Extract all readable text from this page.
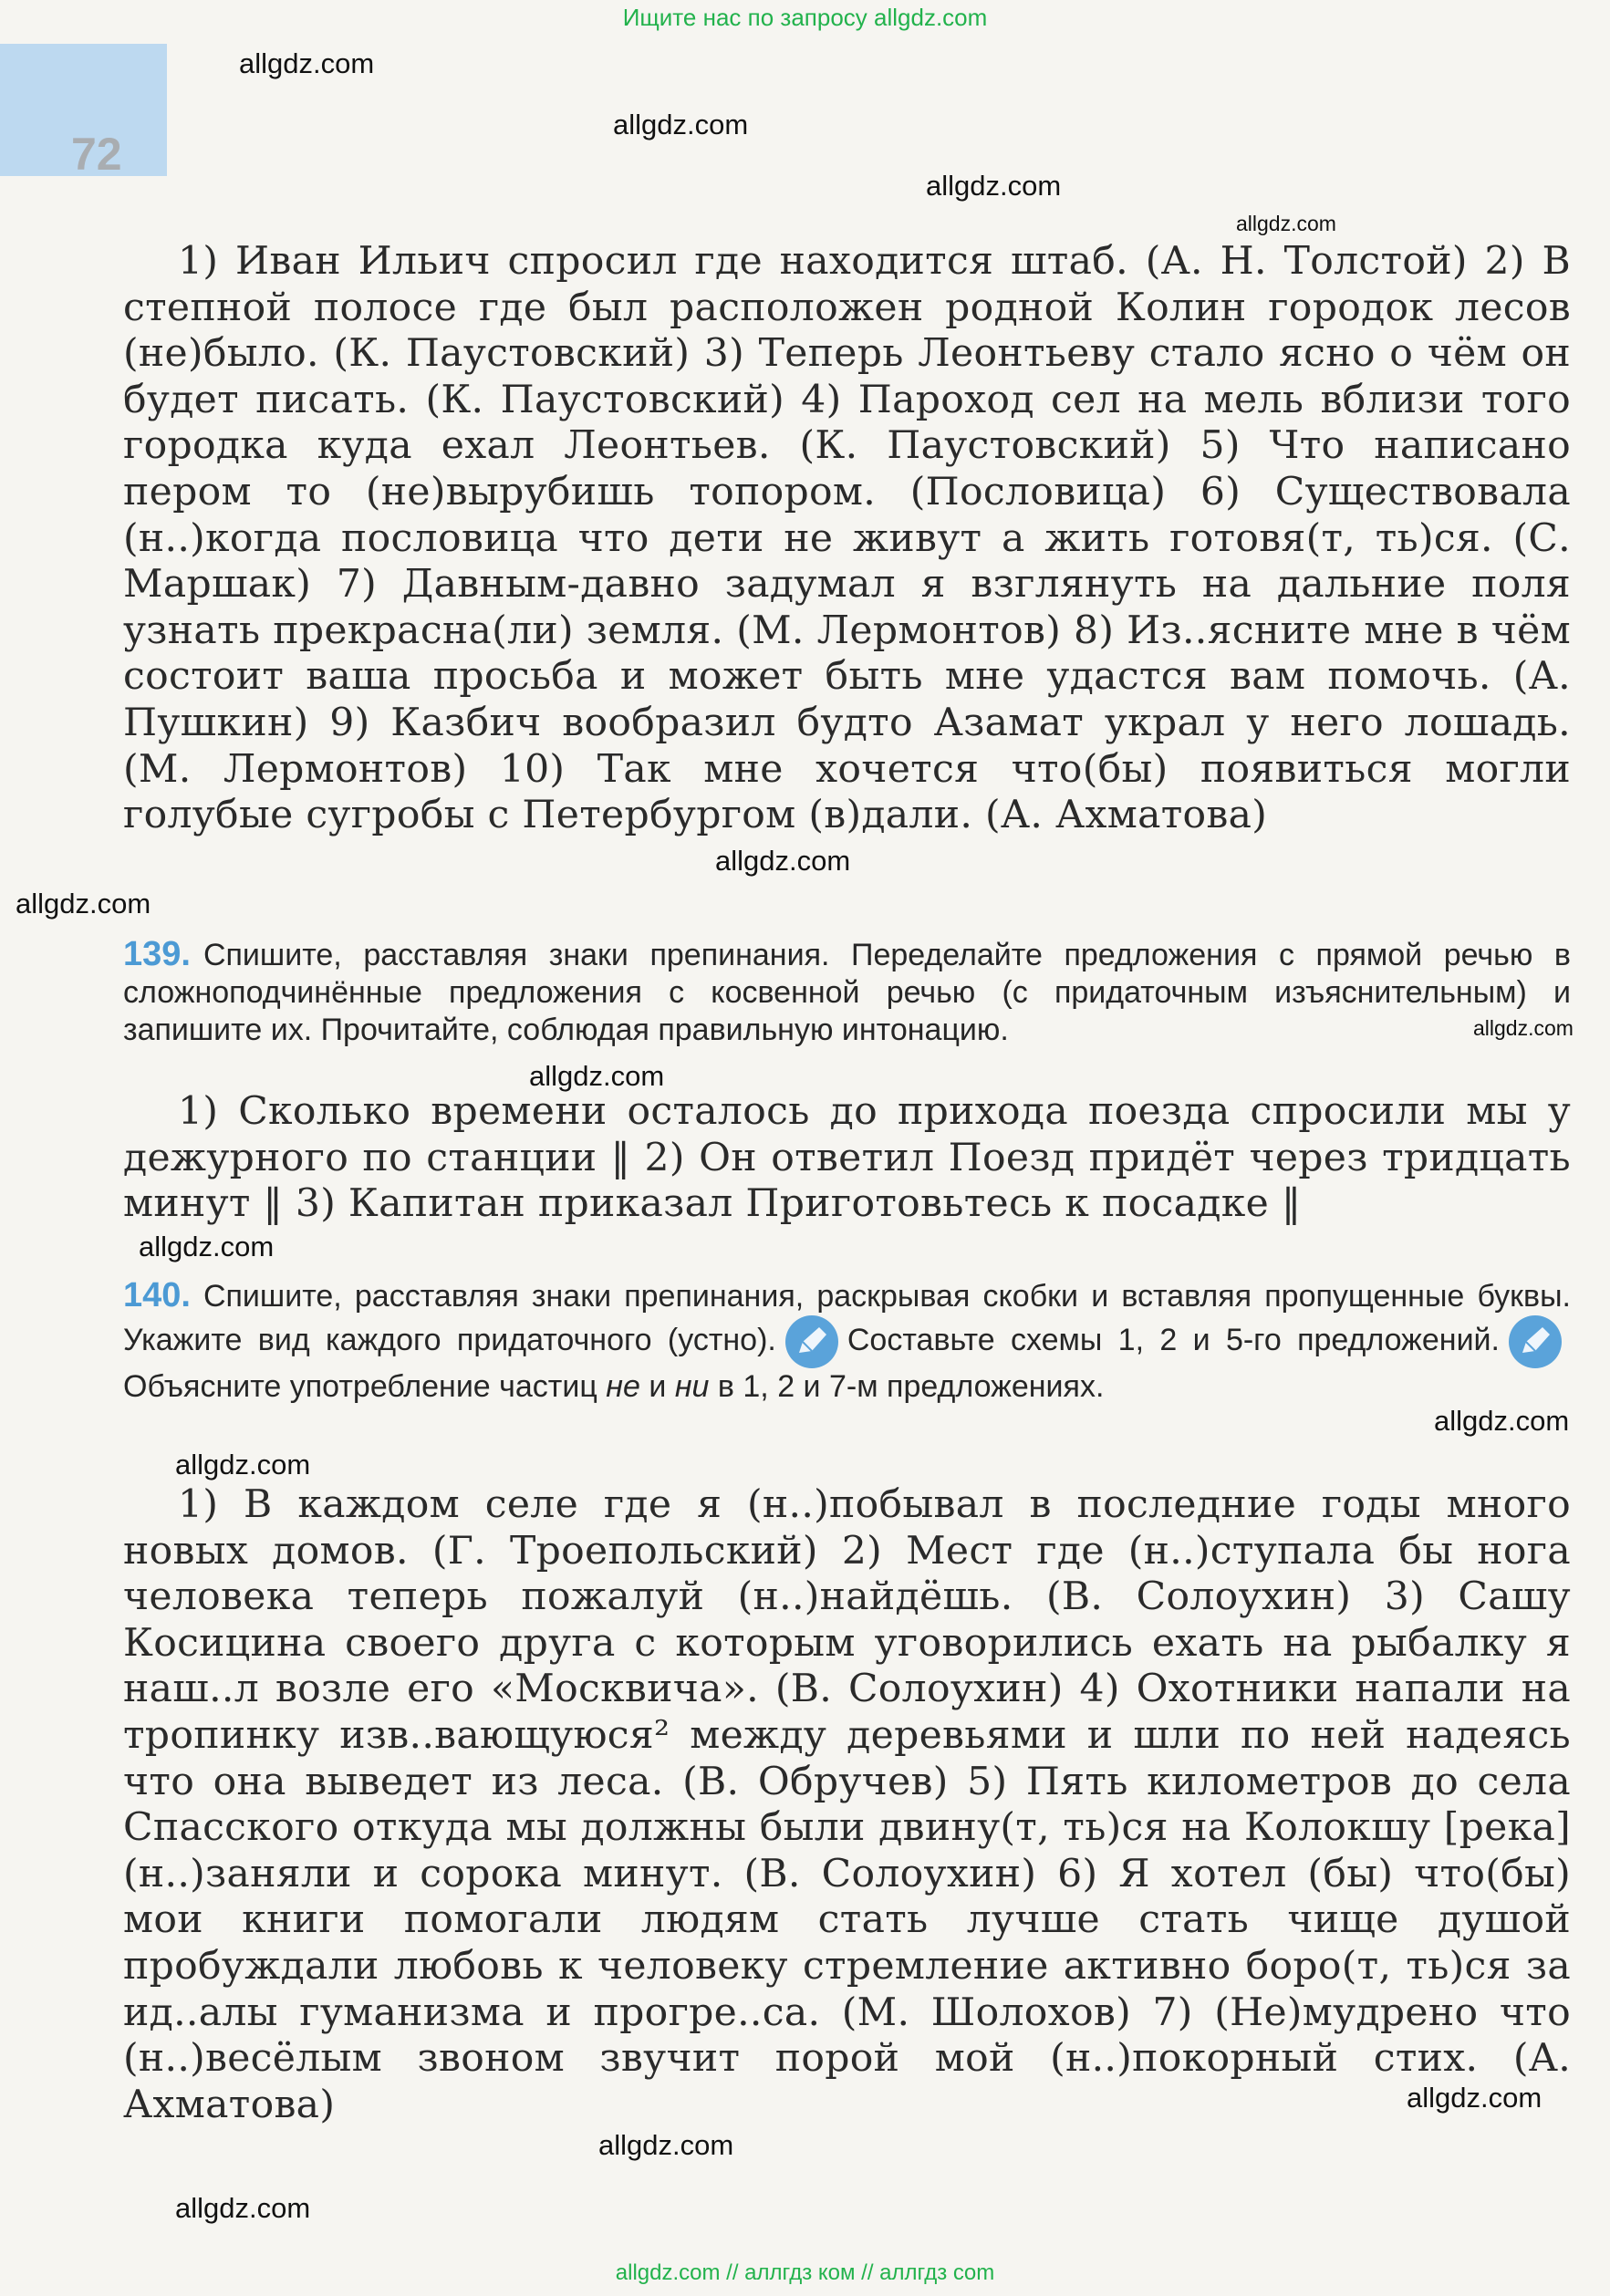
Ищите нас по запросу allgdz.com
72

1) Иван Ильич спросил где находится штаб. (А. Н. Толстой) 2) В степной полосе где был расположен родной Колин городок лесов (не)было. (К. Паустовский) 3) Теперь Леонтьеву стало ясно о чём он будет писать. (К. Паустовский) 4) Пароход сел на мель вблизи того городка куда ехал Леонтьев. (К. Паустовский) 5) Что написано пером то (не)вырубишь топором. (Пословица) 6) Существовала (н..)когда пословица что дети не живут а жить готовя(т, ть)ся. (С. Маршак) 7) Давным-давно задумал я взглянуть на дальние поля узнать прекрасна(ли) земля. (М. Лермонтов) 8) Из..ясните мне в чём состоит ваша просьба и может быть мне удастся вам помочь. (А. Пушкин) 9) Казбич вообразил будто Азамат украл у него лошадь. (М. Лермонтов) 10) Так мне хочется что(бы) появиться могли голубые сугробы с Петербургом (в)дали. (А. Ахматова)

139. Спишите, расставляя знаки препинания. Переделайте предложения с прямой речью в сложноподчинённые предложения с косвенной речью (с придаточным изъяснительным) и запишите их. Прочитайте, соблюдая правильную интонацию.

1) Сколько времени осталось до прихода поезда спросили мы у дежурного по станции ‖ 2) Он ответил Поезд придёт через тридцать минут ‖ 3) Капитан приказал Приготовьтесь к посадке ‖

140. Спишите, расставляя знаки препинания, раскрывая скобки и вставляя пропущенные буквы. Укажите вид каждого придаточного (устно). Составьте схемы 1, 2 и 5-го предложений.
Объясните употребление частиц не и ни в 1, 2 и 7-м предложениях.

1) В каждом селе где я (н..)побывал в последние годы много новых домов. (Г. Троепольский) 2) Мест где (н..)ступала бы нога человека теперь пожалуй (н..)найдёшь. (В. Солоухин) 3) Сашу Косицина своего друга с которым уговорились ехать на рыбалку я наш..л возле его «Москвича». (В. Солоухин) 4) Охотники напали на тропинку изв..вающуюся² между деревьями и шли по ней надеясь что она выведет из леса. (В. Обручев) 5) Пять километров до села Спасского откуда мы должны были двину(т, ть)ся на Колокшу [река] (н..)заняли и сорока минут. (В. Солоухин) 6) Я хотел (бы) что(бы) мои книги помогали людям стать лучше стать чище душой пробуждали любовь к человеку стремление активно боро(т, ть)ся за ид..алы гуманизма и прогре..са. (М. Шолохов) 7) (Не)мудрено что (н..)весёлым звоном звучит порой мой (н..)покорный стих. (А. Ахматова)

allgdz.com
allgdz.com
allgdz.com
allgdz.com
allgdz.com
allgdz.com
allgdz.com
allgdz.com
allgdz.com
allgdz.com
allgdz.com
allgdz.com
allgdz.com
allgdz.com
allgdz.com // аллгдз ком // аллгдз com
